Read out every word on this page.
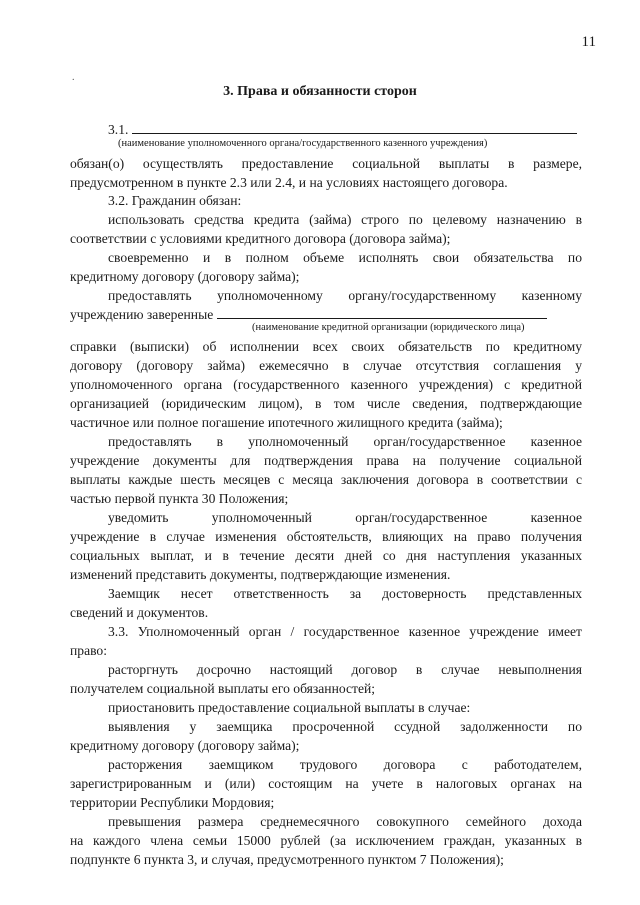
11
.
3. Права и обязанности сторон
3.1.
(наименование уполномоченного органа/государственного казенного учреждения)
обязан(о) осуществлять предоставление социальной выплаты в размере,
предусмотренном в пункте 2.3 или 2.4, и на условиях настоящего договора.
3.2. Гражданин обязан:
использовать средства кредита (займа) строго по целевому назначению в
соответствии с условиями кредитного договора (договора займа);
своевременно и в полном объеме исполнять свои обязательства по
кредитному договору (договору займа);
предоставлять уполномоченному органу/государственному казенному
учреждению заверенные
(наименование кредитной организации (юридического лица)
справки (выписки) об исполнении всех своих обязательств по кредитному
договору (договору займа) ежемесячно в случае отсутствия соглашения у
уполномоченного органа (государственного казенного учреждения) с кредитной
организацией (юридическим лицом), в том числе сведения, подтверждающие
частичное или полное погашение ипотечного жилищного кредита (займа);
предоставлять в уполномоченный орган/государственное казенное
учреждение документы для подтверждения права на получение социальной
выплаты каждые шесть месяцев с месяца заключения договора в соответствии с
частью первой пункта 30 Положения;
уведомить уполномоченный орган/государственное казенное
учреждение в случае изменения обстоятельств, влияющих на право получения
социальных выплат, и в течение десяти дней со дня наступления указанных
изменений представить документы, подтверждающие изменения.
Заемщик несет ответственность за достоверность представленных
сведений и документов.
3.3. Уполномоченный орган / государственное казенное учреждение имеет
право:
расторгнуть досрочно настоящий договор в случае невыполнения
получателем социальной выплаты его обязанностей;
приостановить предоставление социальной выплаты в случае:
выявления у заемщика просроченной ссудной задолженности по
кредитному договору (договору займа);
расторжения заемщиком трудового договора с работодателем,
зарегистрированным и (или) состоящим на учете в налоговых органах на
территории Республики Мордовия;
превышения размера среднемесячного совокупного семейного дохода
на каждого члена семьи 15000 рублей (за исключением граждан, указанных в
подпункте 6 пункта 3, и случая, предусмотренного пунктом 7 Положения);
